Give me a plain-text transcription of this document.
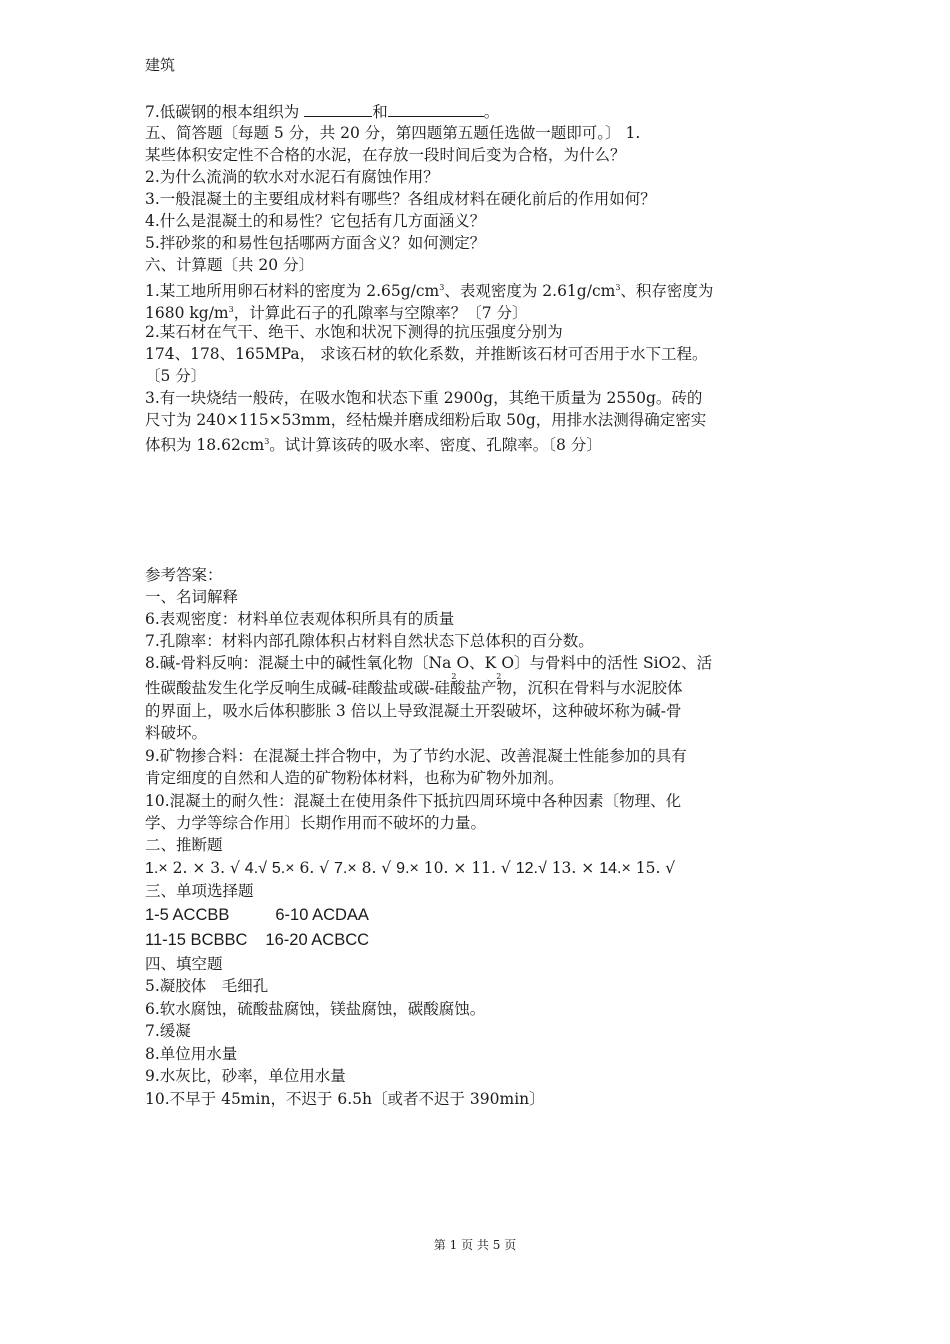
建筑
7.低碳钢的根本组织为	和	。
五、简答题〔每题 5 分，共 20 分，第四题第五题任选做一题即可。〕 1.
某些体积安定性不合格的水泥，在存放一段时间后变为合格，为什么？
2.为什么流淌的软水对水泥石有腐蚀作用？
3.一般混凝土的主要组成材料有哪些？各组成材料在硬化前后的作用如何？
4.什么是混凝土的和易性？它包括有几方面涵义？
5.拌砂浆的和易性包括哪两方面含义？如何测定？
六、计算题〔共 20 分〕
1.某工地所用卵石材料的密度为 $2.65g/cm^3$、表观密度为 $2.61g/cm^3$、积存密度为
1680 $kg/m^3$，计算此石子的孔隙率与空隙率？〔7 分〕
2.某石材在气干、绝干、水饱和状况下测得的抗压强度分别为
174、178、165MPa， 求该石材的软化系数，并推断该石材可否用于水下工程。
〔5 分〕
3.有一块烧结一般砖，在吸水饱和状态下重 2900g，其绝干质量为 2550g。砖的
尺寸为 240×115×53mm，经枯燥并磨成细粉后取 50g，用排水法测得确定密实
体积为 $18.62cm^3$。试计算该砖的吸水率、密度、孔隙率。〔8 分〕
参考答案：
一、名词解释
6.表观密度：材料单位表观体积所具有的质量
7.孔隙率：材料内部孔隙体积占材料自然状态下总体积的百分数。
8.碱-骨料反响：混凝土中的碱性氧化物〔$Na_2O$、$K_2O$〕与骨料中的活性 SiO2、活
性碳酸盐发生化学反响生成碱-硅酸盐或碳-硅酸盐产物，沉积在骨料与水泥胶体
的界面上，吸水后体积膨胀 3 倍以上导致混凝土开裂破坏，这种破坏称为碱-骨
料破坏。
9.矿物掺合料：在混凝土拌合物中，为了节约水泥、改善混凝土性能参加的具有
肯定细度的自然和人造的矿物粉体材料，也称为矿物外加剂。
10.混凝土的耐久性：混凝土在使用条件下抵抗四周环境中各种因素〔物理、化
学、力学等综合作用〕长期作用而不破坏的力量。
二、推断题
1.× 2. × 3. √ 4.√ 5.× 6. √ 7.× 8. √ 9.× 10. × 11. √ 12.√ 13. × 14.× 15. √
三、单项选择题
1-5 ACCBB	6-10 ACDAA
11-15 BCBBC 16-20 ACBCC
四、填空题
5.凝胶体　毛细孔
6.软水腐蚀，硫酸盐腐蚀，镁盐腐蚀，碳酸腐蚀。
7.缓凝
8.单位用水量
9.水灰比，砂率，单位用水量
10.不早于 45min，不迟于 6.5h〔或者不迟于 390min〕
第 1 页 共 5 页
